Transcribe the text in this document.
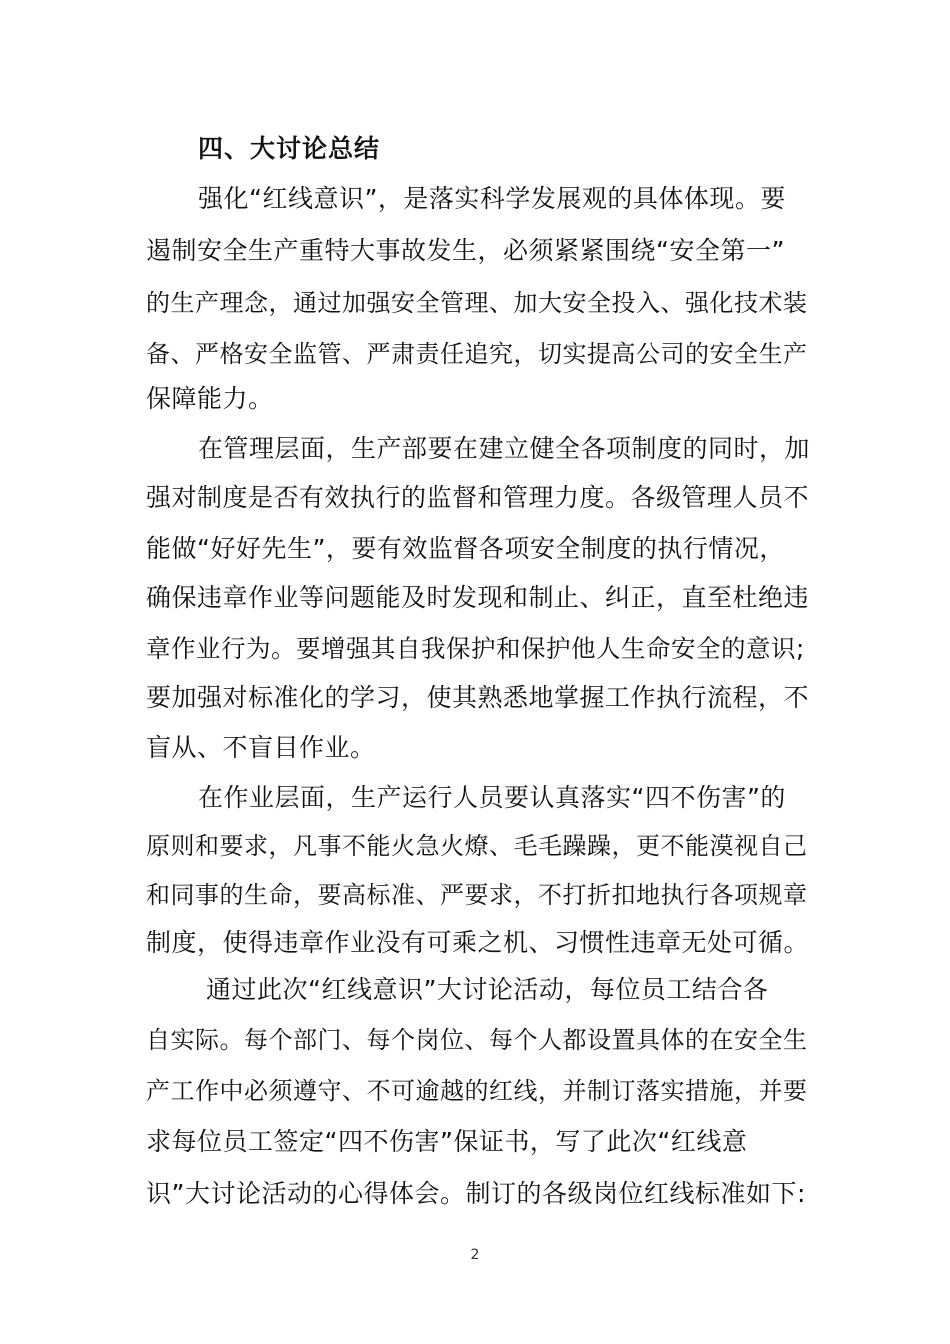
四、大讨论总结
强化“红线意识”，是落实科学发展观的具体体现。要
遏制安全生产重特大事故发生，必须紧紧围绕“安全第一”
的生产理念，通过加强安全管理、加大安全投入、强化技术装
备、严格安全监管、严肃责任追究，切实提高公司的安全生产
保障能力。
在管理层面，生产部要在建立健全各项制度的同时，加
强对制度是否有效执行的监督和管理力度。各级管理人员不
能做“好好先生”，要有效监督各项安全制度的执行情况，
确保违章作业等问题能及时发现和制止、纠正，直至杜绝违
章作业行为。要增强其自我保护和保护他人生命安全的意识;
要加强对标准化的学习，使其熟悉地掌握工作执行流程，不
盲从、不盲目作业。
在作业层面，生产运行人员要认真落实“四不伤害”的
原则和要求，凡事不能火急火燎、毛毛躁躁，更不能漠视自己
和同事的生命，要高标准、严要求，不打折扣地执行各项规章
制度，使得违章作业没有可乘之机、习惯性违章无处可循。
通过此次“红线意识”大讨论活动，每位员工结合各
自实际。每个部门、每个岗位、每个人都设置具体的在安全生
产工作中必须遵守、不可逾越的红线，并制订落实措施，并要
求每位员工签定“四不伤害”保证书，写了此次“红线意
识”大讨论活动的心得体会。制订的各级岗位红线标准如下:
2
